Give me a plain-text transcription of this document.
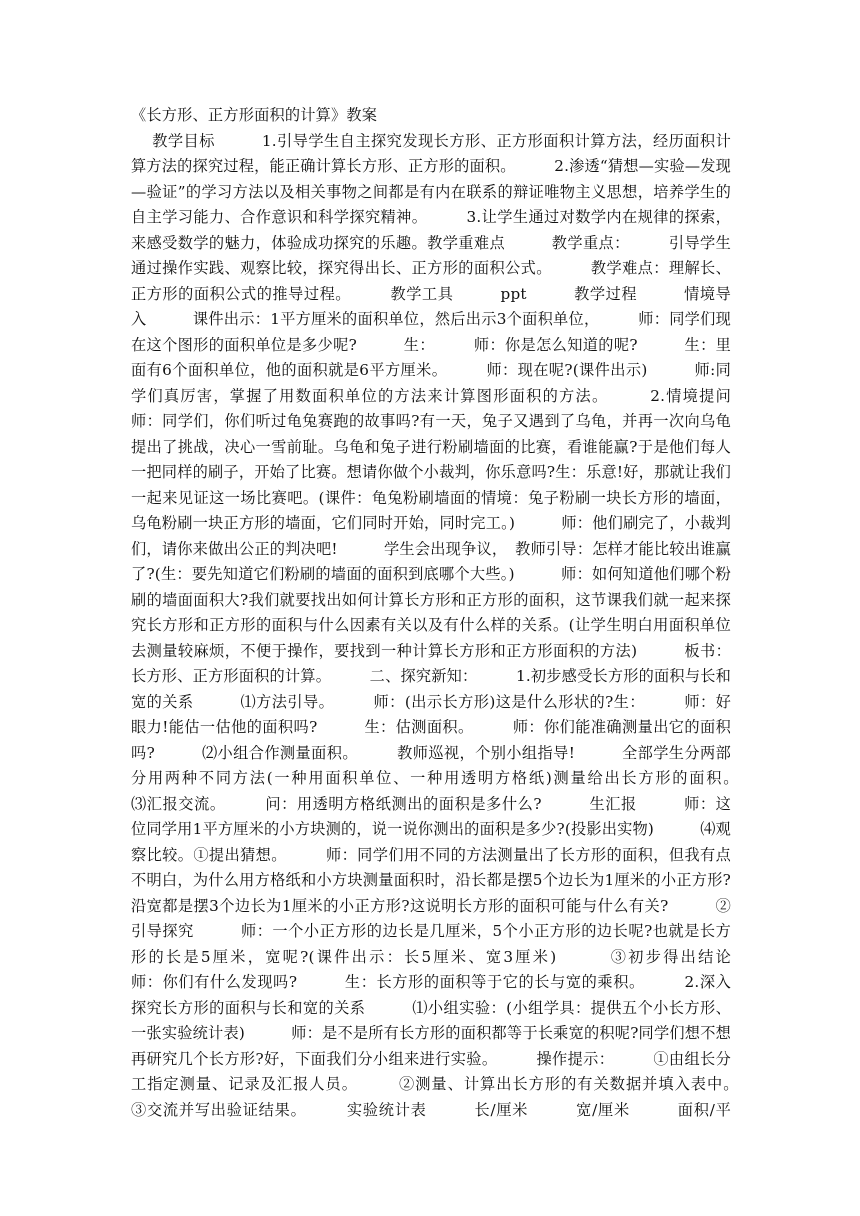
《长方形、正方形面积的计算》教案

教学目标　　　1.引导学生自主探究发现长方形、正方形面积计算方法，经历面积计算方法的探究过程，能正确计算长方形、正方形的面积。　　　2.渗透“猜想—实验—发现—验证”的学习方法以及相关事物之间都是有内在联系的辩证唯物主义思想，培养学生的自主学习能力、合作意识和科学探究精神。　　　3.让学生通过对数学内在规律的探索，来感受数学的魅力，体验成功探究的乐趣。教学重难点　　　教学重点：　　　引导学生通过操作实践、观察比较，探究得出长、正方形的面积公式。　　　教学难点：理解长、正方形的面积公式的推导过程。　　　教学工具　　　ppt　　　教学过程　　　情境导入　　　课件出示：1平方厘米的面积单位，然后出示3个面积单位，　　　师：同学们现在这个图形的面积单位是多少呢?　　　生：　　　师：你是怎么知道的呢?　　　生：里面有6个面积单位，他的面积就是6平方厘米。　　　师：现在呢?(课件出示)　　　师:同学们真厉害，掌握了用数面积单位的方法来计算图形面积的方法。　　　2.情境提问　　　师：同学们，你们听过龟兔赛跑的故事吗?有一天，兔子又遇到了乌龟，并再一次向乌龟提出了挑战，决心一雪前耻。乌龟和兔子进行粉刷墙面的比赛，看谁能赢?于是他们每人一把同样的刷子，开始了比赛。想请你做个小裁判，你乐意吗?生：乐意!好，那就让我们一起来见证这一场比赛吧。(课件：龟兔粉刷墙面的情境：兔子粉刷一块长方形的墙面，乌龟粉刷一块正方形的墙面，它们同时开始，同时完工。)　　　师：他们刷完了，小裁判们，请你来做出公正的判决吧!　　　学生会出现争议，　教师引导：怎样才能比较出谁赢了?(生：要先知道它们粉刷的墙面的面积到底哪个大些。)　　　师：如何知道他们哪个粉刷的墙面面积大?我们就要找出如何计算长方形和正方形的面积，这节课我们就一起来探究长方形和正方形的面积与什么因素有关以及有什么样的关系。(让学生明白用面积单位去测量较麻烦，不便于操作，要找到一种计算长方形和正方形面积的方法)　　　板书：长方形、正方形面积的计算。　　　二、探究新知：　　　1.初步感受长方形的面积与长和宽的关系　　　⑴方法引导。　　　师：(出示长方形)这是什么形状的?生：　　　师：好眼力!能估一估他的面积吗?　　　生：估测面积。　　　师：你们能准确测量出它的面积吗?　　　⑵小组合作测量面积。　　　教师巡视，个别小组指导!　　　全部学生分两部分用两种不同方法(一种用面积单位、一种用透明方格纸)测量给出长方形的面积。　　　⑶汇报交流。　　　问：用透明方格纸测出的面积是多什么?　　　生汇报　　　师：这位同学用1平方厘米的小方块测的，说一说你测出的面积是多少?(投影出实物)　　　⑷观察比较。①提出猜想。　　　师：同学们用不同的方法测量出了长方形的面积，但我有点不明白，为什么用方格纸和小方块测量面积时，沿长都是摆5个边长为1厘米的小正方形?沿宽都是摆3个边长为1厘米的小正方形?这说明长方形的面积可能与什么有关?　　　②引导探究　　　师：一个小正方形的边长是几厘米，5个小正方形的边长呢?也就是长方形的长是5厘米，宽呢?(课件出示：长5厘米、宽3厘米)　　　③初步得出结论　　　师：你们有什么发现吗?　　　生：长方形的面积等于它的长与宽的乘积。　　　2.深入探究长方形的面积与长和宽的关系　　　⑴小组实验：(小组学具：提供五个小长方形、一张实验统计表)　　　师：是不是所有长方形的面积都等于长乘宽的积呢?同学们想不想再研究几个长方形?好，下面我们分小组来进行实验。　　　操作提示：　　　①由组长分工指定测量、记录及汇报人员。　　　②测量、计算出长方形的有关数据并填入表中。　　　③交流并写出验证结果。　　　实验统计表　　　长/厘米　　　宽/厘米　　　面积/平
